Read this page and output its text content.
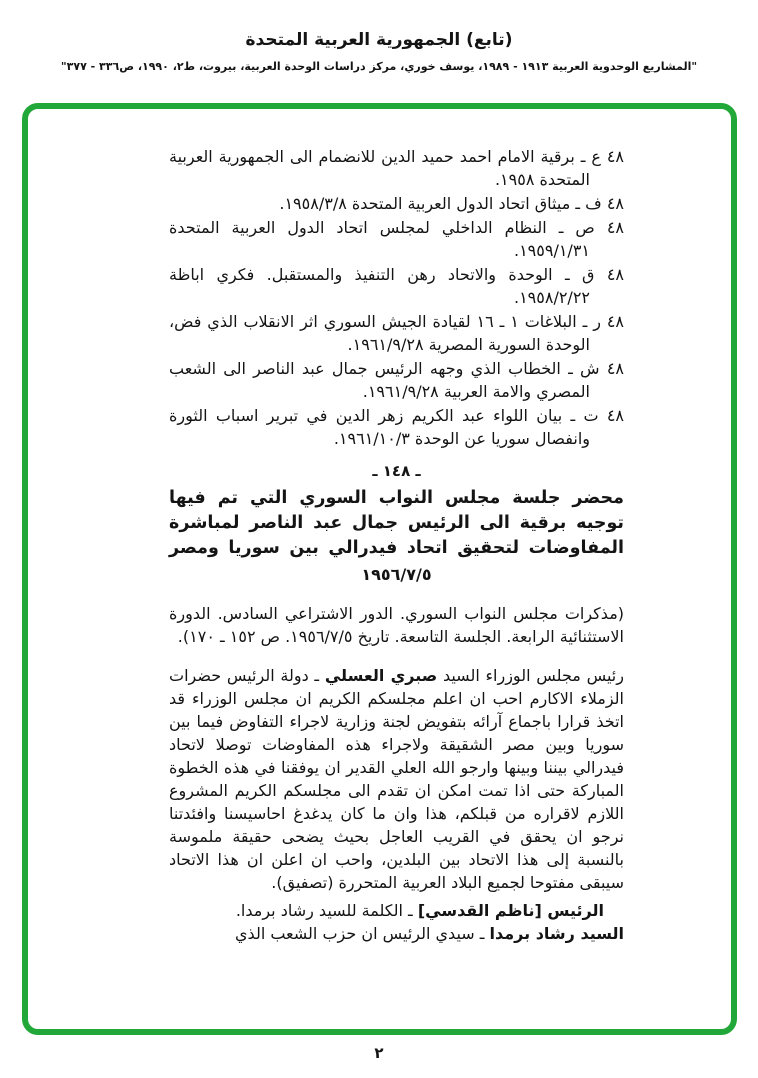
(تابع) الجمهورية العربية المتحدة
"المشاريع الوحدوية العربية ١٩١٣ - ١٩٨٩، يوسف خوري، مركز دراسات الوحدة العربية، بيروت، ط٢، ١٩٩٠، ص٣٣٦ - ٣٧٧"
٤٨ ع ـ برقية الامام احمد حميد الدين للانضمام الى الجمهورية العربية المتحدة ١٩٥٨.
٤٨ ف ـ ميثاق اتحاد الدول العربية المتحدة ١٩٥٨/٣/٨.
٤٨ ص ـ النظام الداخلي لمجلس اتحاد الدول العربية المتحدة ١٩٥٩/١/٣١.
٤٨ ق ـ الوحدة والاتحاد رهن التنفيذ والمستقبل. فكري اباظة ١٩٥٨/٢/٢٢.
٤٨ ر ـ البلاغات ١ ـ ١٦ لقيادة الجيش السوري اثر الانقلاب الذي فض، الوحدة السورية المصرية ١٩٦١/٩/٢٨.
٤٨ ش ـ الخطاب الذي وجهه الرئيس جمال عبد الناصر الى الشعب المصري والامة العربية ١٩٦١/٩/٢٨.
٤٨ ت ـ بيان اللواء عبد الكريم زهر الدين في تبرير اسباب الثورة وانفصال سوريا عن الوحدة ١٩٦١/١٠/٣.
ـ ١٤٨ ـ
محضر جلسة مجلس النواب السوري التي تم فيها توجيه برقية الى الرئيس جمال عبد الناصر لمباشرة المفاوضات لتحقيق اتحاد فيدرالي بين سوريا ومصر
١٩٥٦/٧/٥

(مذكرات مجلس النواب السوري. الدور الاشتراعي السادس. الدورة الاستثنائية الرابعة. الجلسة التاسعة. تاريخ ١٩٥٦/٧/٥. ص ١٥٢ ـ ١٧٠).

رئيس مجلس الوزراء السيد صبري العسلي ـ دولة الرئيس حضرات الزملاء الاكارم احب ان اعلم مجلسكم الكريم ان مجلس الوزراء قد اتخذ قرارا باجماع آرائه بتفويض لجنة وزارية لاجراء التفاوض فيما بين سوريا وبين مصر الشقيقة ولاجراء هذه المفاوضات توصلا لاتحاد فيدرالي بيننا وبينها وارجو الله العلي القدير ان يوفقنا في هذه الخطوة المباركة حتى اذا تمت امكن ان تقدم الى مجلسكم الكريم المشروع اللازم لاقراره من قبلكم، هذا وان ما كان يدغدغ احاسيسنا وافئدتنا نرجو ان يحقق في القريب العاجل بحيث يضحى حقيقة ملموسة بالنسبة إلى هذا الاتحاد بين البلدين، واحب ان اعلن ان هذا الاتحاد سيبقى مفتوحا لجميع البلاد العربية المتحررة (تصفيق).

الرئيس [ناظم القدسي] ـ الكلمة للسيد رشاد برمدا.

السيد رشاد برمدا ـ سيدي الرئيس ان حزب الشعب الذي

٢
